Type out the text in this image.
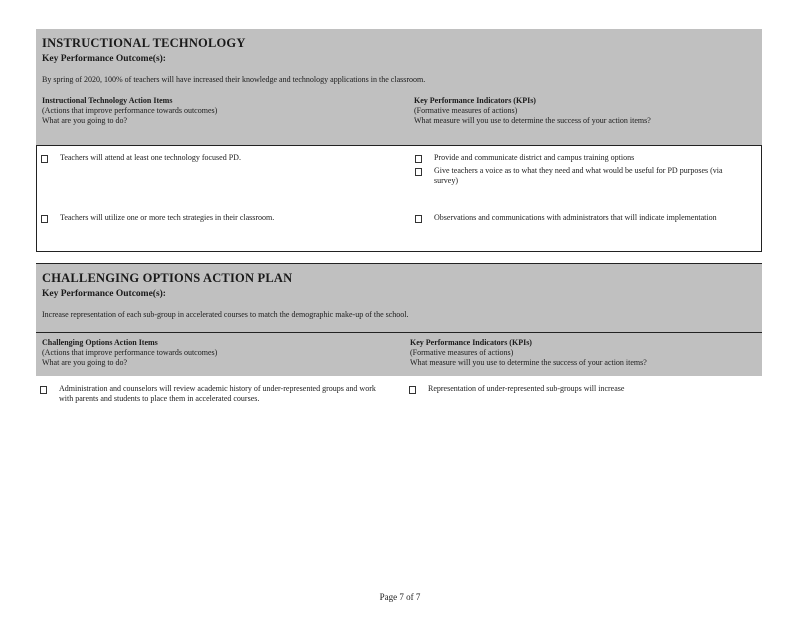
INSTRUCTIONAL TECHNOLOGY
Key Performance Outcome(s):
By spring of 2020, 100% of teachers will have increased their knowledge and technology applications in the classroom.
Instructional Technology Action Items
(Actions that improve performance towards outcomes)
What are you going to do?
Key Performance Indicators (KPIs)
(Formative measures of actions)
What measure will you use to determine the success of your action items?
Teachers will attend at least one technology focused PD.
Teachers will utilize one or more tech strategies in their classroom.
Provide and communicate district and campus training options
Give teachers a voice as to what they need and what would be useful for PD purposes (via survey)
Observations and communications with administrators that will indicate implementation
CHALLENGING OPTIONS ACTION PLAN
Key Performance Outcome(s):
Increase representation of each sub-group in accelerated courses to match the demographic make-up of the school.
Challenging Options Action Items
(Actions that improve performance towards outcomes)
What are you going to do?
Key Performance Indicators (KPIs)
(Formative measures of actions)
What measure will you use to determine the success of your action items?
Administration and counselors will review academic history of under-represented groups and work with parents and students to place them in accelerated courses.
Representation of under-represented sub-groups will increase
Page 7 of 7
